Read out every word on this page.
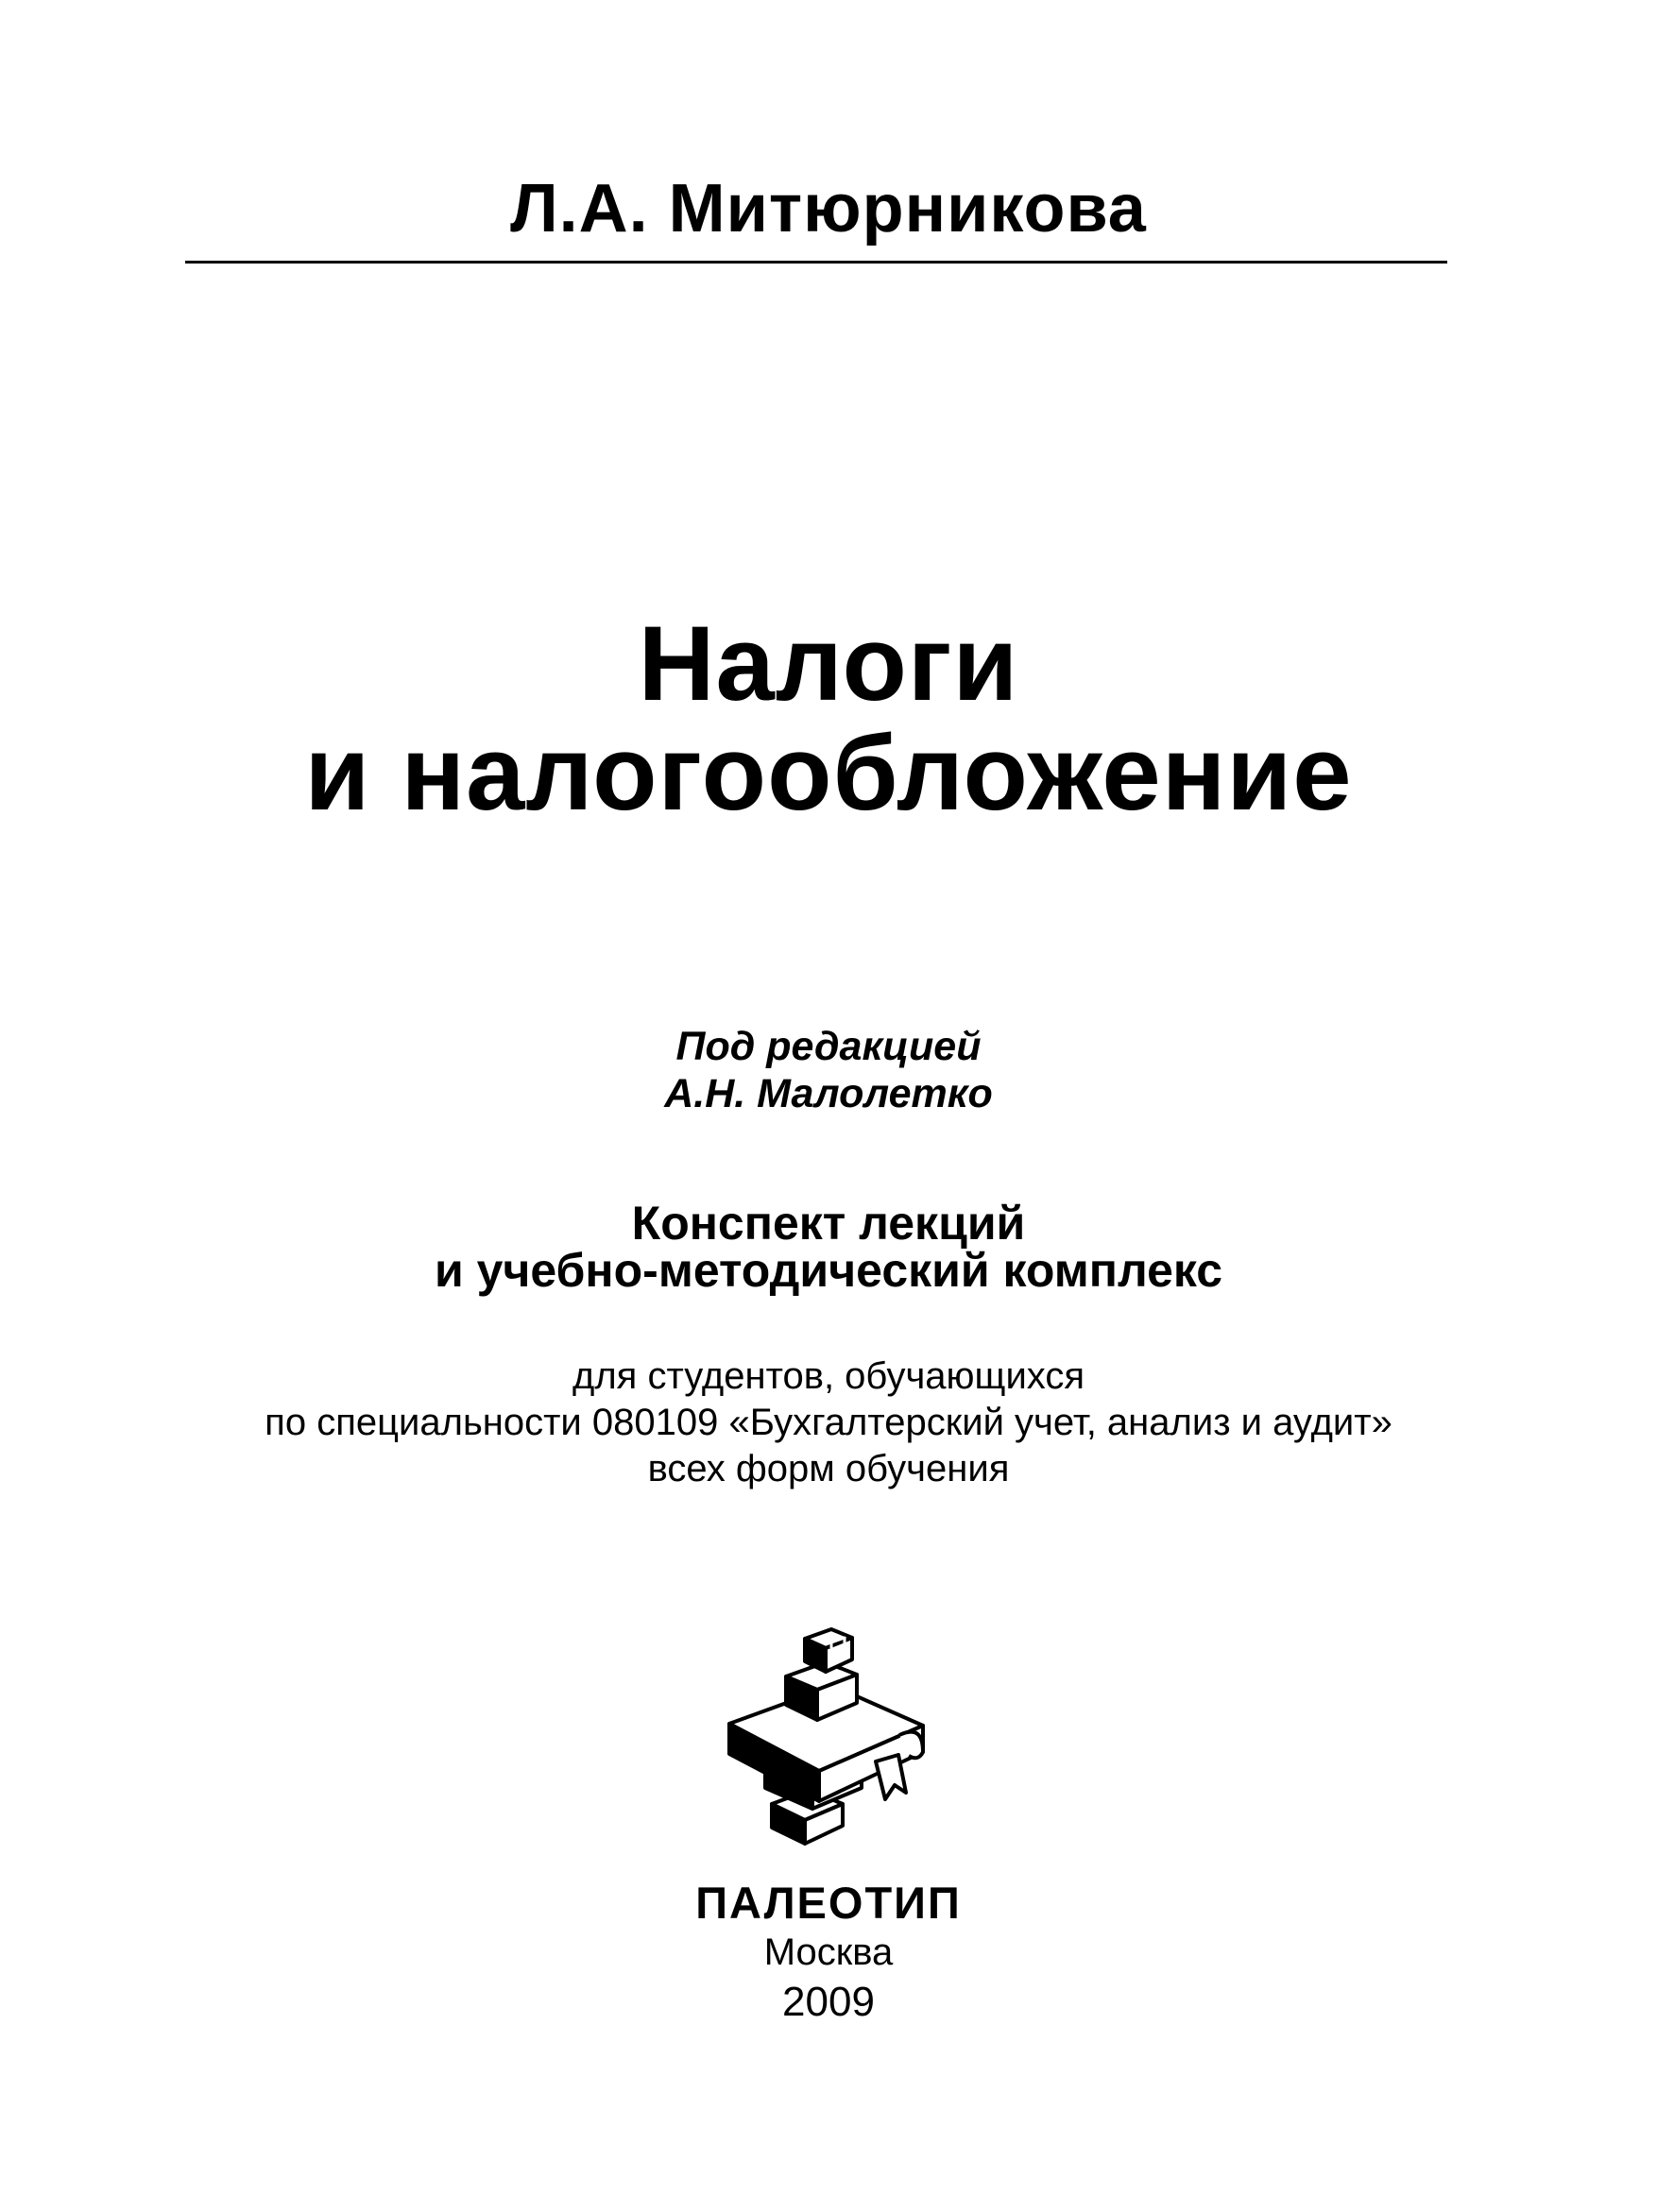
Л.А. Митюрникова
Налоги
и налогообложение
Под редакцией
А.Н. Малолетко
Конспект лекций
и учебно-методический комплекс
для студентов, обучающихся
по специальности 080109 «Бухгалтерский учет, анализ и аудит»
всех форм обучения
ПАЛЕОТИП
Москва
2009
